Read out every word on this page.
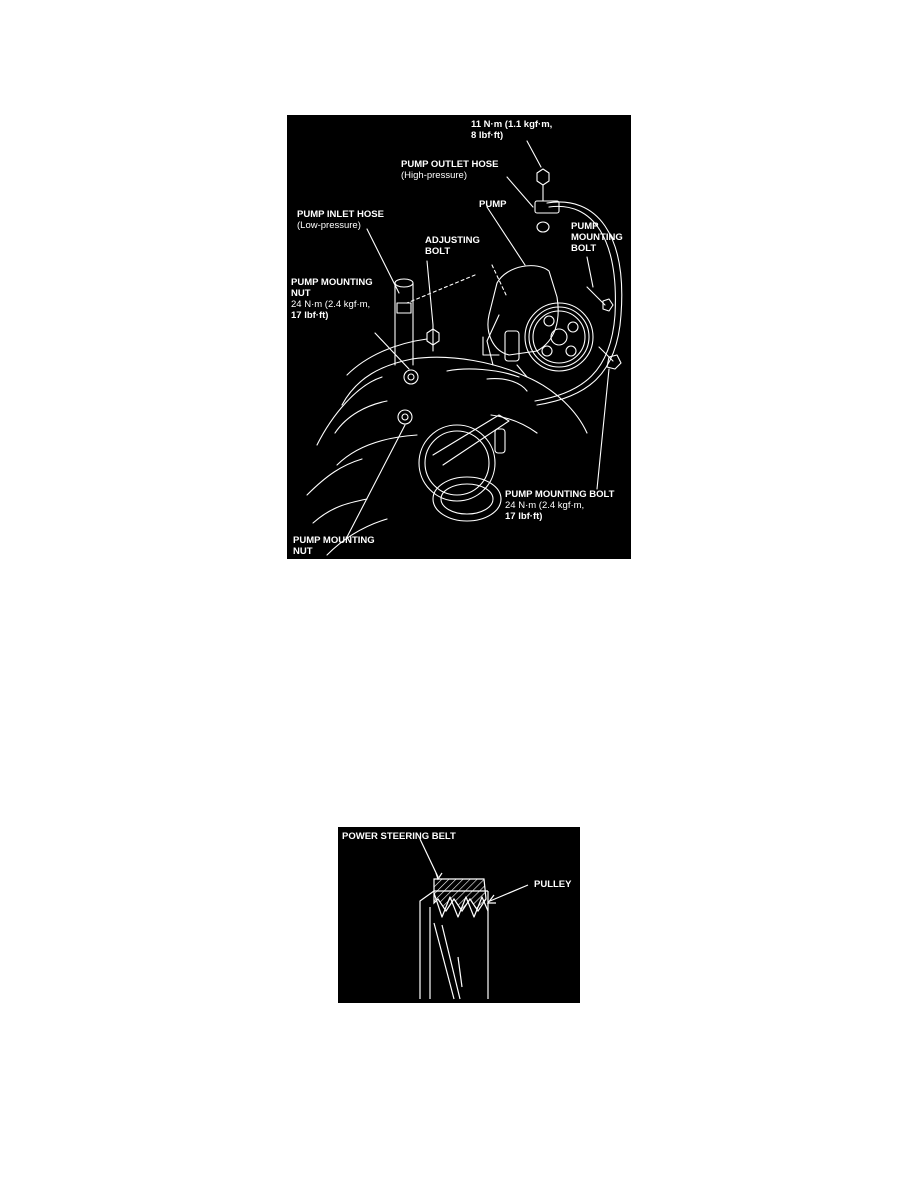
11 N·m (1.1 kgf·m,
8 lbf·ft)
PUMP OUTLET HOSE
(High-pressure)
PUMP
PUMP INLET HOSE
(Low-pressure)
ADJUSTING
BOLT
PUMP
MOUNTING
BOLT
PUMP MOUNTING
NUT
24 N·m (2.4 kgf·m,
17 lbf·ft)
PUMP MOUNTING BOLT
24 N·m (2.4 kgf·m,
17 lbf·ft)
PUMP MOUNTING
NUT
POWER STEERING BELT
PULLEY
